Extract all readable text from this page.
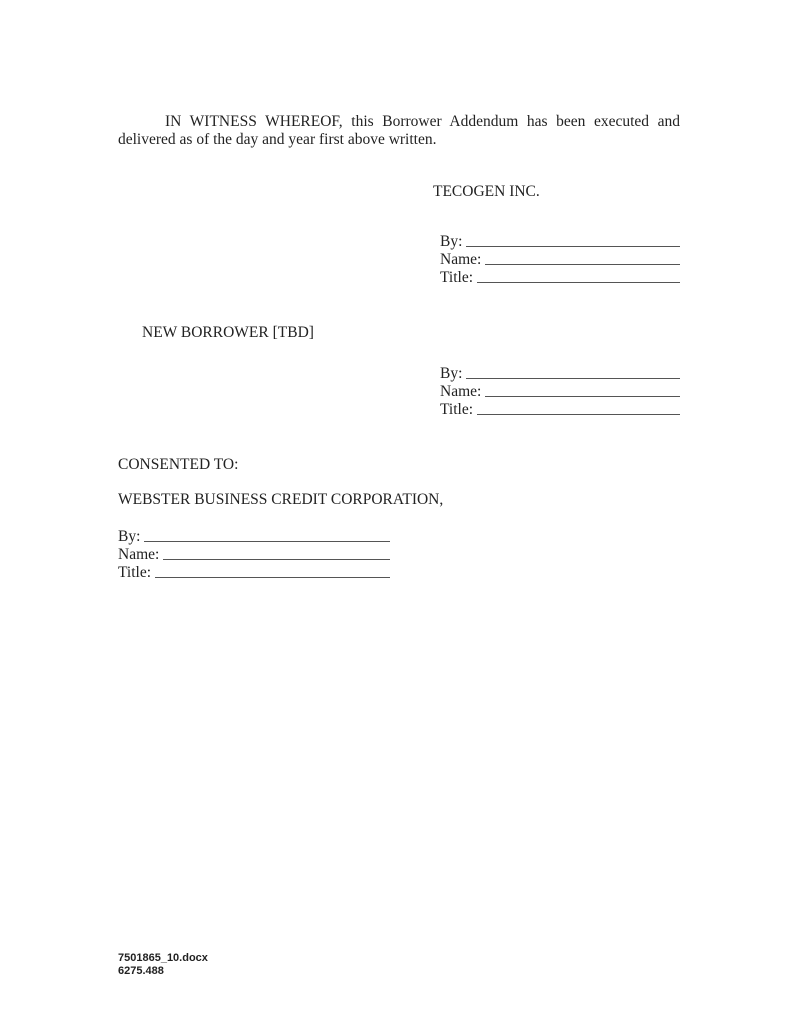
IN WITNESS WHEREOF, this Borrower Addendum has been executed and
delivered as of the day and year first above written.
TECOGEN INC.
By:
Name:
Title:
NEW BORROWER [TBD]
By:
Name:
Title:
CONSENTED TO:
WEBSTER BUSINESS CREDIT CORPORATION,
By:
Name:
Title:
7501865_10.docx
6275.488
